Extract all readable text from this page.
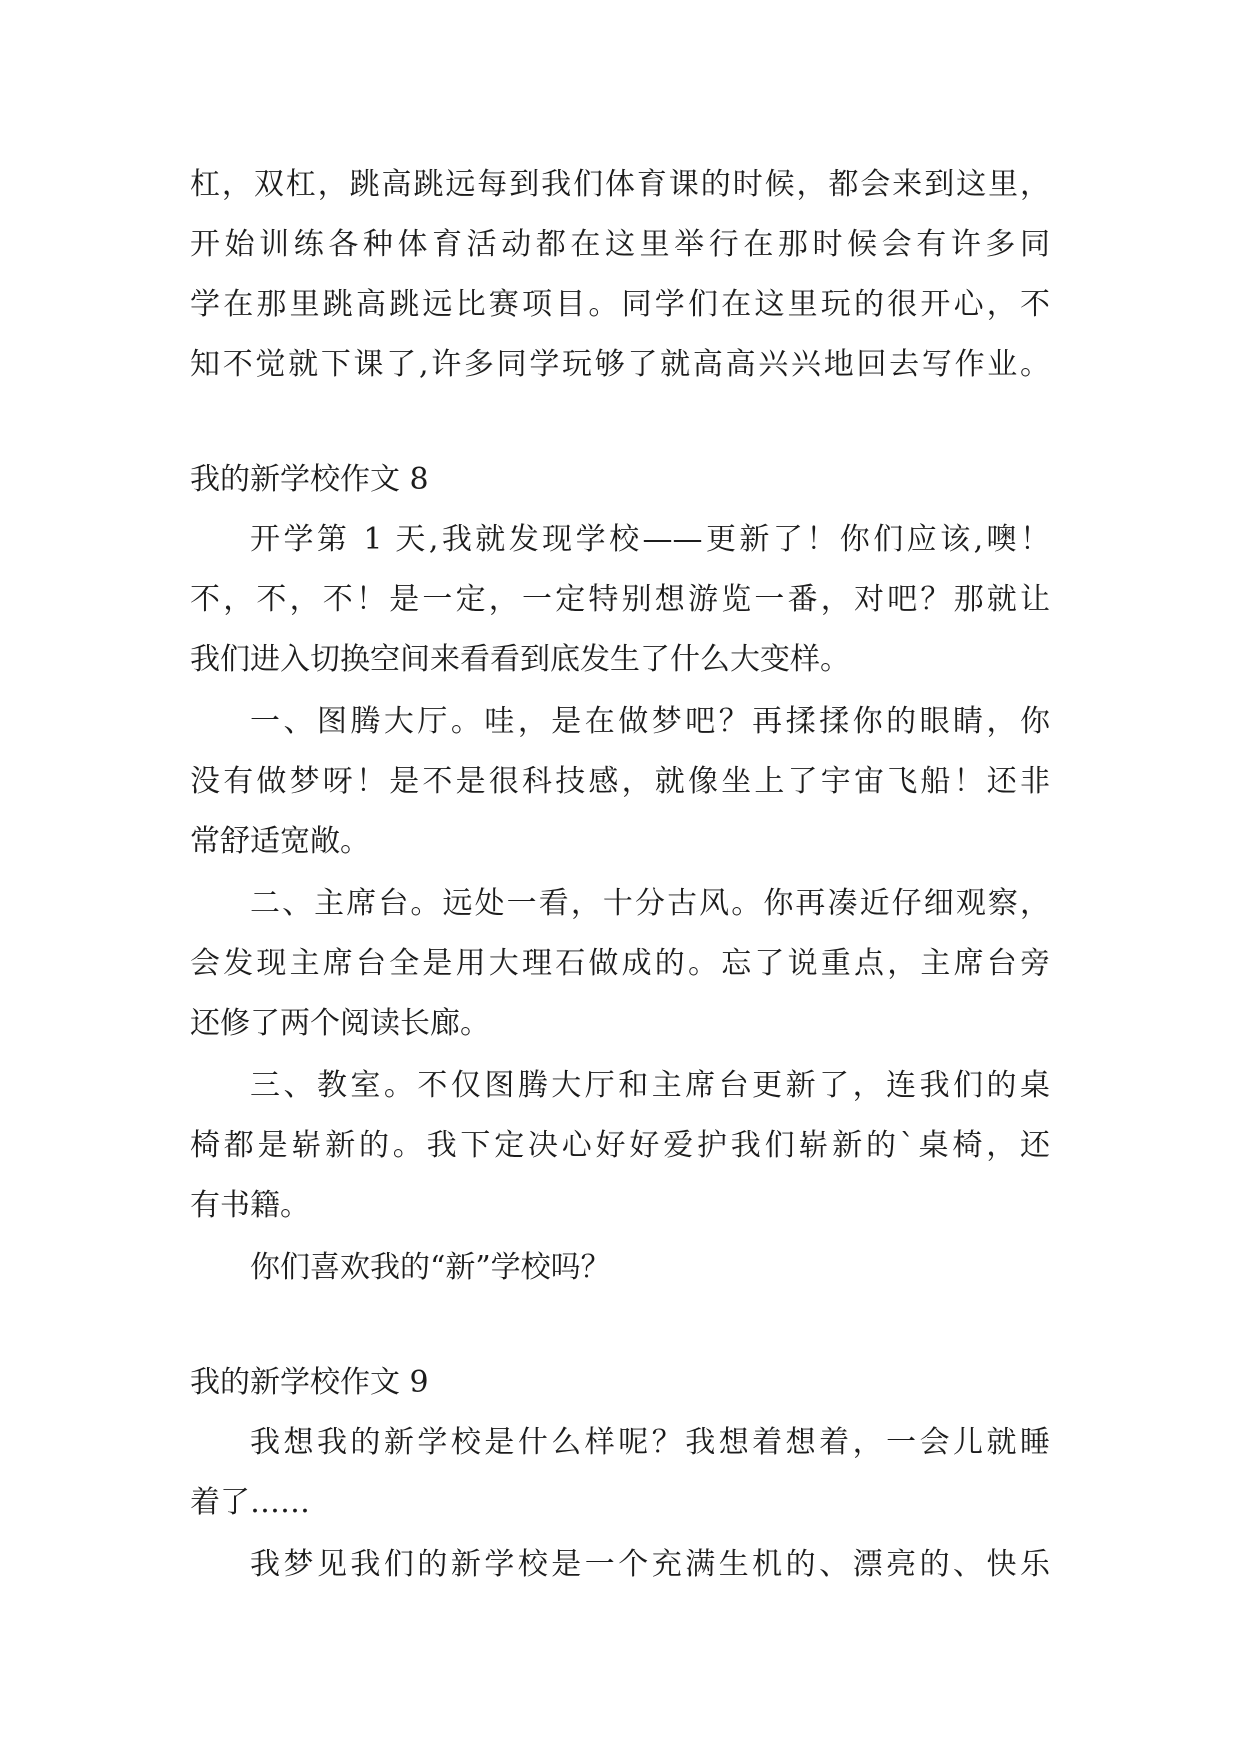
杠，双杠，跳高跳远每到我们体育课的时候，都会来到这里，
开始训练各种体育活动都在这里举行在那时候会有许多同
学在那里跳高跳远比赛项目。同学们在这里玩的很开心，不
知不觉就下课了,许多同学玩够了就高高兴兴地回去写作业。

我的新学校作文 8

开学第 1 天,我就发现学校——更新了！你们应该,噢！
不，不，不！是一定，一定特别想游览一番，对吧？那就让
我们进入切换空间来看看到底发生了什么大变样。

一、图腾大厅。哇，是在做梦吧？再揉揉你的眼睛，你
没有做梦呀！是不是很科技感，就像坐上了宇宙飞船！还非
常舒适宽敞。

二、主席台。远处一看，十分古风。你再凑近仔细观察，
会发现主席台全是用大理石做成的。忘了说重点，主席台旁
还修了两个阅读长廊。

三、教室。不仅图腾大厅和主席台更新了，连我们的桌
椅都是崭新的。我下定决心好好爱护我们崭新的`桌椅，还
有书籍。

你们喜欢我的“新”学校吗？

我的新学校作文 9

我想我的新学校是什么样呢？我想着想着，一会儿就睡
着了……

我梦见我们的新学校是一个充满生机的、漂亮的、快乐
